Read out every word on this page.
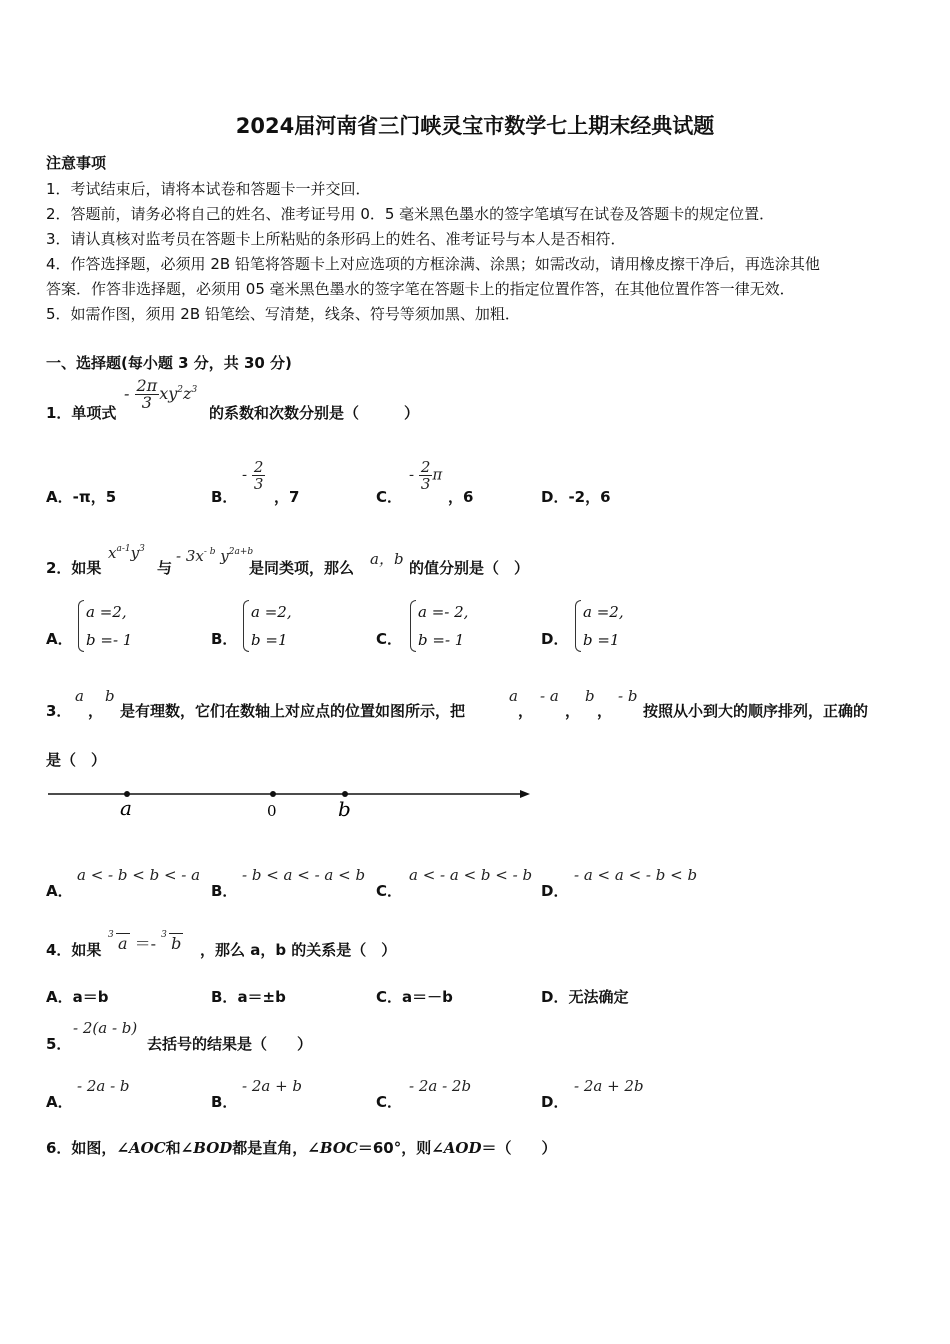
2024届河南省三门峡灵宝市数学七上期末经典试题
注意事项
1．考试结束后，请将本试卷和答题卡一并交回．
2．答题前，请务必将自己的姓名、准考证号用 0．5 毫米黑色墨水的签字笔填写在试卷及答题卡的规定位置．
3．请认真核对监考员在答题卡上所粘贴的条形码上的姓名、准考证号与本人是否相符．
4．作答选择题，必须用 2B 铅笔将答题卡上对应选项的方框涂满、涂黑；如需改动，请用橡皮擦干净后，再选涂其他
答案．作答非选择题，必须用 05 毫米黑色墨水的签字笔在答题卡上的指定位置作答，在其他位置作答一律无效．
5．如需作图，须用 2B 铅笔绘、写清楚，线条、符号等须加黑、加粗．
一、选择题(每小题 3 分，共 30 分)
1．单项式
- $\frac{2\pi}{3} xy^2z^3$
的系数和次数分别是（　　　）
A．-π，5	B．
- $\frac{2}{3}$
，7	C．
- $\frac{2}{3}$ π
，6	D．-2，6
2．如果
$x^{a-1}y^3$
与
- $3x^{- b}$ $y^{2a+b}$
是同类项，那么 a，b 的值分别是（　）
A．
a =2,
b =- 1	B．
a =2,
b =1	C．
a =- 2,
b =- 1	D．
a =2,
b =1
3．
a
，
b
是有理数，它们在数轴上对应点的位置如图所示，把
a
，
- a
，
b
，
- b
按照从小到大的顺序排列，正确的
是（　）
a	0	b
A．
a < - b < b < - a
B．
- b < a < - a < b
C．
a < - a < b < - b
D．
- a < a < - b < b
4．如果
3 a ＝- 3 b ，那么 a，b 的关系是（　）
A．a＝b	B．a＝±b	C．a＝－b	D．无法确定
5．
- 2(a - b)
去括号的结果是（　　）
A．
- 2a - b
B．
- 2a + b
C．
- 2a - 2b
D．
- 2a + 2b
6．如图，∠AOC和∠BOD都是直角，∠BOC＝60°，则∠AOD＝（　　）
